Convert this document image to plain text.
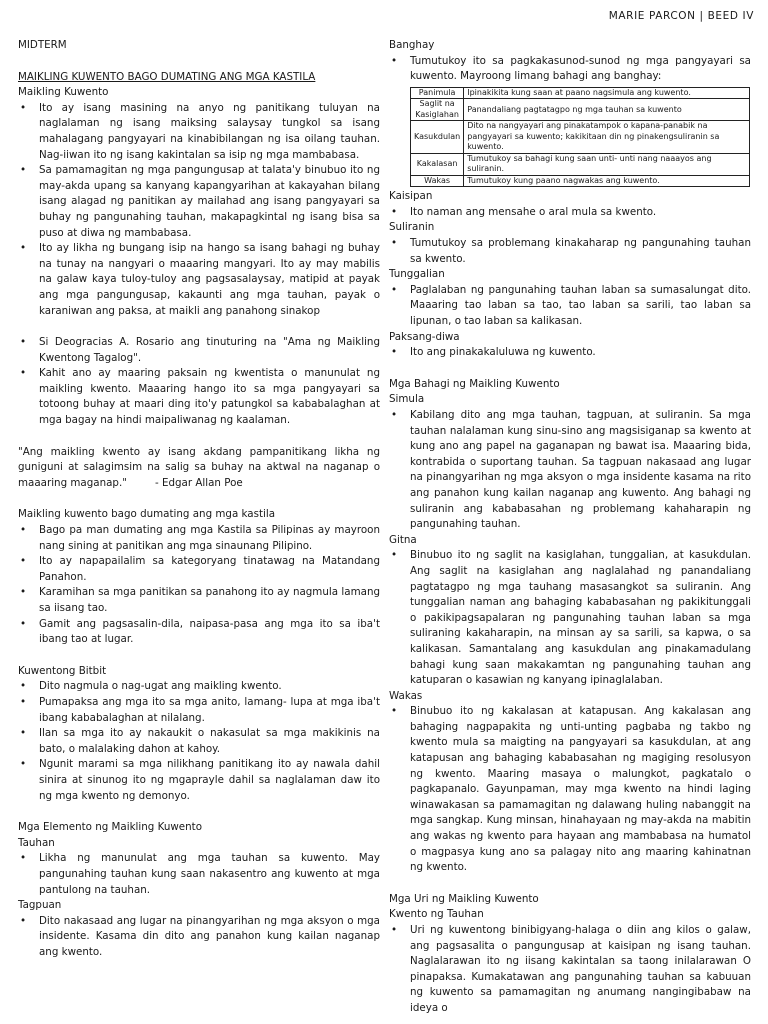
MARIE PARCON | BEED IV

MIDTERM

MAIKLING KUWENTO BAGO DUMATING ANG MGA KASTILA

Maikling Kuwento

• Ito ay isang masining na anyo ng panitikang tuluyan na naglalaman ng isang maiksing salaysay tungkol sa isang mahalagang pangyayari na kinabibilangan ng isa oilang tauhan. Nag-iiwan ito ng isang kakintalan sa isip ng mga mambabasa.
• Sa pamamagitan ng mga pangungusap at talata'y binubuo ito ng may-akda upang sa kanyang kapangyarihan at kakayahan bilang isang alagad ng panitikan ay mailahad ang isang pangyayari sa buhay ng pangunahing tauhan, makapagkintal ng isang bisa sa puso at diwa ng mambabasa.
• Ito ay likha ng bungang isip na hango sa isang bahagi ng buhay na tunay na nangyari o maaaring mangyari. Ito ay may mabilis na galaw kaya tuloy-tuloy ang pagsasalaysay, matipid at payak ang mga pangungusap, kakaunti ang mga tauhan, payak o karaniwan ang paksa, at maikli ang panahong sinakop
• Si Deogracias A. Rosario ang tinuturing na "Ama ng Maikling Kwentong Tagalog".
• Kahit ano ay maaring paksain ng kwentista o manunulat ng maikling kwento. Maaaring hango ito sa mga pangyayari sa totoong buhay at maari ding ito'y patungkol sa kababalaghan at mga bagay na hindi maipaliwanag ng kaalaman.

"Ang maikling kwento ay isang akdang pampanitikang likha ng guniguni at salagimsim na salig sa buhay na aktwal na naganap o maaaring maganap."	- Edgar Allan Poe

Maikling kuwento bago dumating ang mga kastila

• Bago pa man dumating ang mga Kastila sa Pilipinas ay mayroon nang sining at panitikan ang mga sinaunang Pilipino.
• Ito ay napapailalim sa kategoryang tinatawag na Matandang Panahon.
• Karamihan sa mga panitikan sa panahong ito ay nagmula lamang sa iisang tao.
• Gamit ang pagsasalin-dila, naipasa-pasa ang mga ito sa iba't ibang tao at lugar.

Kuwentong Bitbit

• Dito nagmula o nag-ugat ang maikling kwento.
• Pumapaksa ang mga ito sa mga anito, lamang- lupa at mga iba't ibang kababalaghan at nilalang.
• Ilan sa mga ito ay nakaukit o nakasulat sa mga makikinis na bato, o malalaking dahon at kahoy.
• Ngunit marami sa mga nilikhang panitikang ito ay nawala dahil sinira at sinunog ito ng mgaprayle dahil sa naglalaman daw ito ng mga kwento ng demonyo.

Mga Elemento ng Maikling Kuwento

Tauhan

• Likha ng manunulat ang mga tauhan sa kuwento. May pangunahing tauhan kung saan nakasentro ang kuwento at mga pantulong na tauhan.

Tagpuan

• Dito nakasaad ang lugar na pinangyarihan ng mga aksyon o mga insidente. Kasama din dito ang panahon kung kailan naganap ang kwento.

Banghay

• Tumutukoy ito sa pagkakasunod-sunod ng mga pangyayari sa kuwento. Mayroong limang bahagi ang banghay:
Panimula	Ipinakikita kung saan at paano nagsimula ang kuwento.
Saglit na Kasiglahan	Panandaliang pagtatagpo ng mga tauhan sa kuwento
Kasukdulan	Dito na nangyayari ang pinakatampok o kapana-panabik na pangyayari sa kuwento; kakikitaan din ng pinakengsuliranin sa kuwento.
Kakalasan	Tumutukoy sa bahagi kung saan unti- unti nang naaayos ang suliranin.
Wakas	Tumutukoy kung paano nagwakas ang kuwento.

Kaisipan

• Ito naman ang mensahe o aral mula sa kwento.

Suliranin

• Tumutukoy sa problemang kinakaharap ng pangunahing tauhan sa kwento.

Tunggalian

• Paglalaban ng pangunahing tauhan laban sa sumasalungat dito. Maaaring tao laban sa tao, tao laban sa sarili, tao laban sa lipunan, o tao laban sa kalikasan.

Paksang-diwa

• Ito ang pinakakaluluwa ng kuwento.

Mga Bahagi ng Maikling Kuwento

Simula

• Kabilang dito ang mga tauhan, tagpuan, at suliranin. Sa mga tauhan nalalaman kung sinu-sino ang magsisiganap sa kwento at kung ano ang papel na gaganapan ng bawat isa. Maaaring bida, kontrabida o suportang tauhan. Sa tagpuan nakasaad ang lugar na pinangyarihan ng mga aksyon o mga insidente kasama na rito ang panahon kung kailan naganap ang kuwento. Ang bahagi ng suliranin ang kababasahan ng problemang kahaharapin ng pangunahing tauhan.

Gitna

• Binubuo ito ng saglit na kasiglahan, tunggalian, at kasukdulan. Ang saglit na kasiglahan ang naglalahad ng panandaliang pagtatagpo ng mga tauhang masasangkot sa suliranin. Ang tunggalian naman ang bahaging kababasahan ng pakikitunggali o pakikipagsapalaran ng pangunahing tauhan laban sa mga suliraning kakaharapin, na minsan ay sa sarili, sa kapwa, o sa kalikasan. Samantalang ang kasukdulan ang pinakamadulang bahagi kung saan makakamtan ng pangunahing tauhan ang katuparan o kasawian ng kanyang ipinaglalaban.

Wakas

• Binubuo ito ng kakalasan at katapusan. Ang kakalasan ang bahaging nagpapakita ng unti-unting pagbaba ng takbo ng kwento mula sa maigting na pangyayari sa kasukdulan, at ang katapusan ang bahaging kababasahan ng magiging resolusyon ng kwento. Maaring masaya o malungkot, pagkatalo o pagkapanalo. Gayunpaman, may mga kwento na hindi laging winawakasan sa pamamagitan ng dalawang huling nabanggit na mga sangkap. Kung minsan, hinahayaan ng may-akda na mabitin ang wakas ng kwento para hayaan ang mambabasa na humatol o magpasya kung ano sa palagay nito ang maaring kahinatnan ng kwento.

Mga Uri ng Maikling Kuwento

Kwento ng Tauhan

• Uri ng kuwentong binibigyang-halaga o diin ang kilos o galaw, ang pagsasalita o pangungusap at kaisipan ng isang tauhan. Naglalarawan ito ng iisang kakintalan sa taong inilalarawan O pinapaksa. Kumakatawan ang pangunahing tauhan sa kabuuan ng kuwento sa pamamagitan ng anumang nangingibabaw na ideya o
